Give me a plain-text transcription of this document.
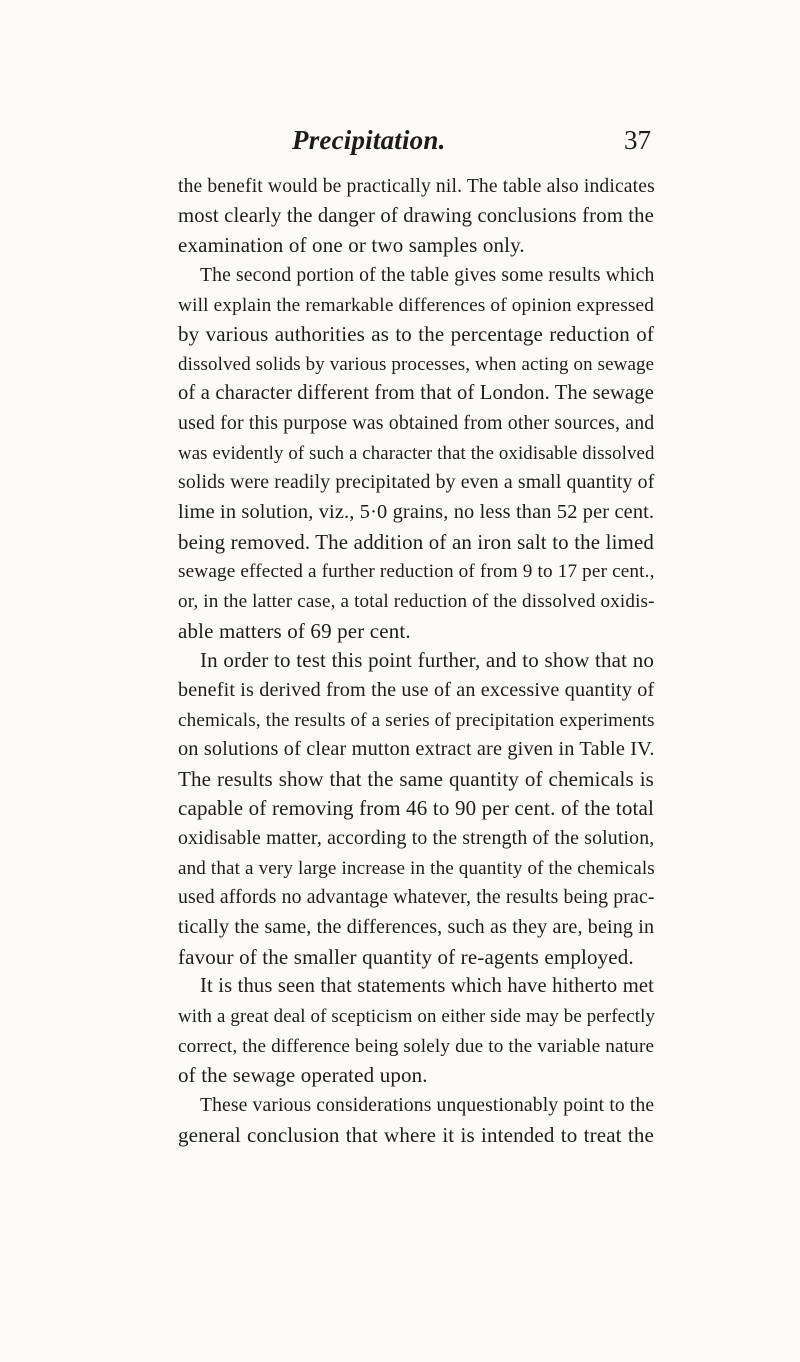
Precipitation.	37
the benefit would be practically nil. The table also indicates
most clearly the danger of drawing conclusions from the
examination of one or two samples only.
The second portion of the table gives some results which
will explain the remarkable differences of opinion expressed
by various authorities as to the percentage reduction of
dissolved solids by various processes, when acting on sewage
of a character different from that of London. The sewage
used for this purpose was obtained from other sources, and
was evidently of such a character that the oxidisable dissolved
solids were readily precipitated by even a small quantity of
lime in solution, viz., 5·0 grains, no less than 52 per cent.
being removed. The addition of an iron salt to the limed
sewage effected a further reduction of from 9 to 17 per cent.,
or, in the latter case, a total reduction of the dissolved oxidis-
able matters of 69 per cent.
In order to test this point further, and to show that no
benefit is derived from the use of an excessive quantity of
chemicals, the results of a series of precipitation experiments
on solutions of clear mutton extract are given in Table IV.
The results show that the same quantity of chemicals is
capable of removing from 46 to 90 per cent. of the total
oxidisable matter, according to the strength of the solution,
and that a very large increase in the quantity of the chemicals
used affords no advantage whatever, the results being prac-
tically the same, the differences, such as they are, being in
favour of the smaller quantity of re-agents employed.
It is thus seen that statements which have hitherto met
with a great deal of scepticism on either side may be perfectly
correct, the difference being solely due to the variable nature
of the sewage operated upon.
These various considerations unquestionably point to the
general conclusion that where it is intended to treat the
